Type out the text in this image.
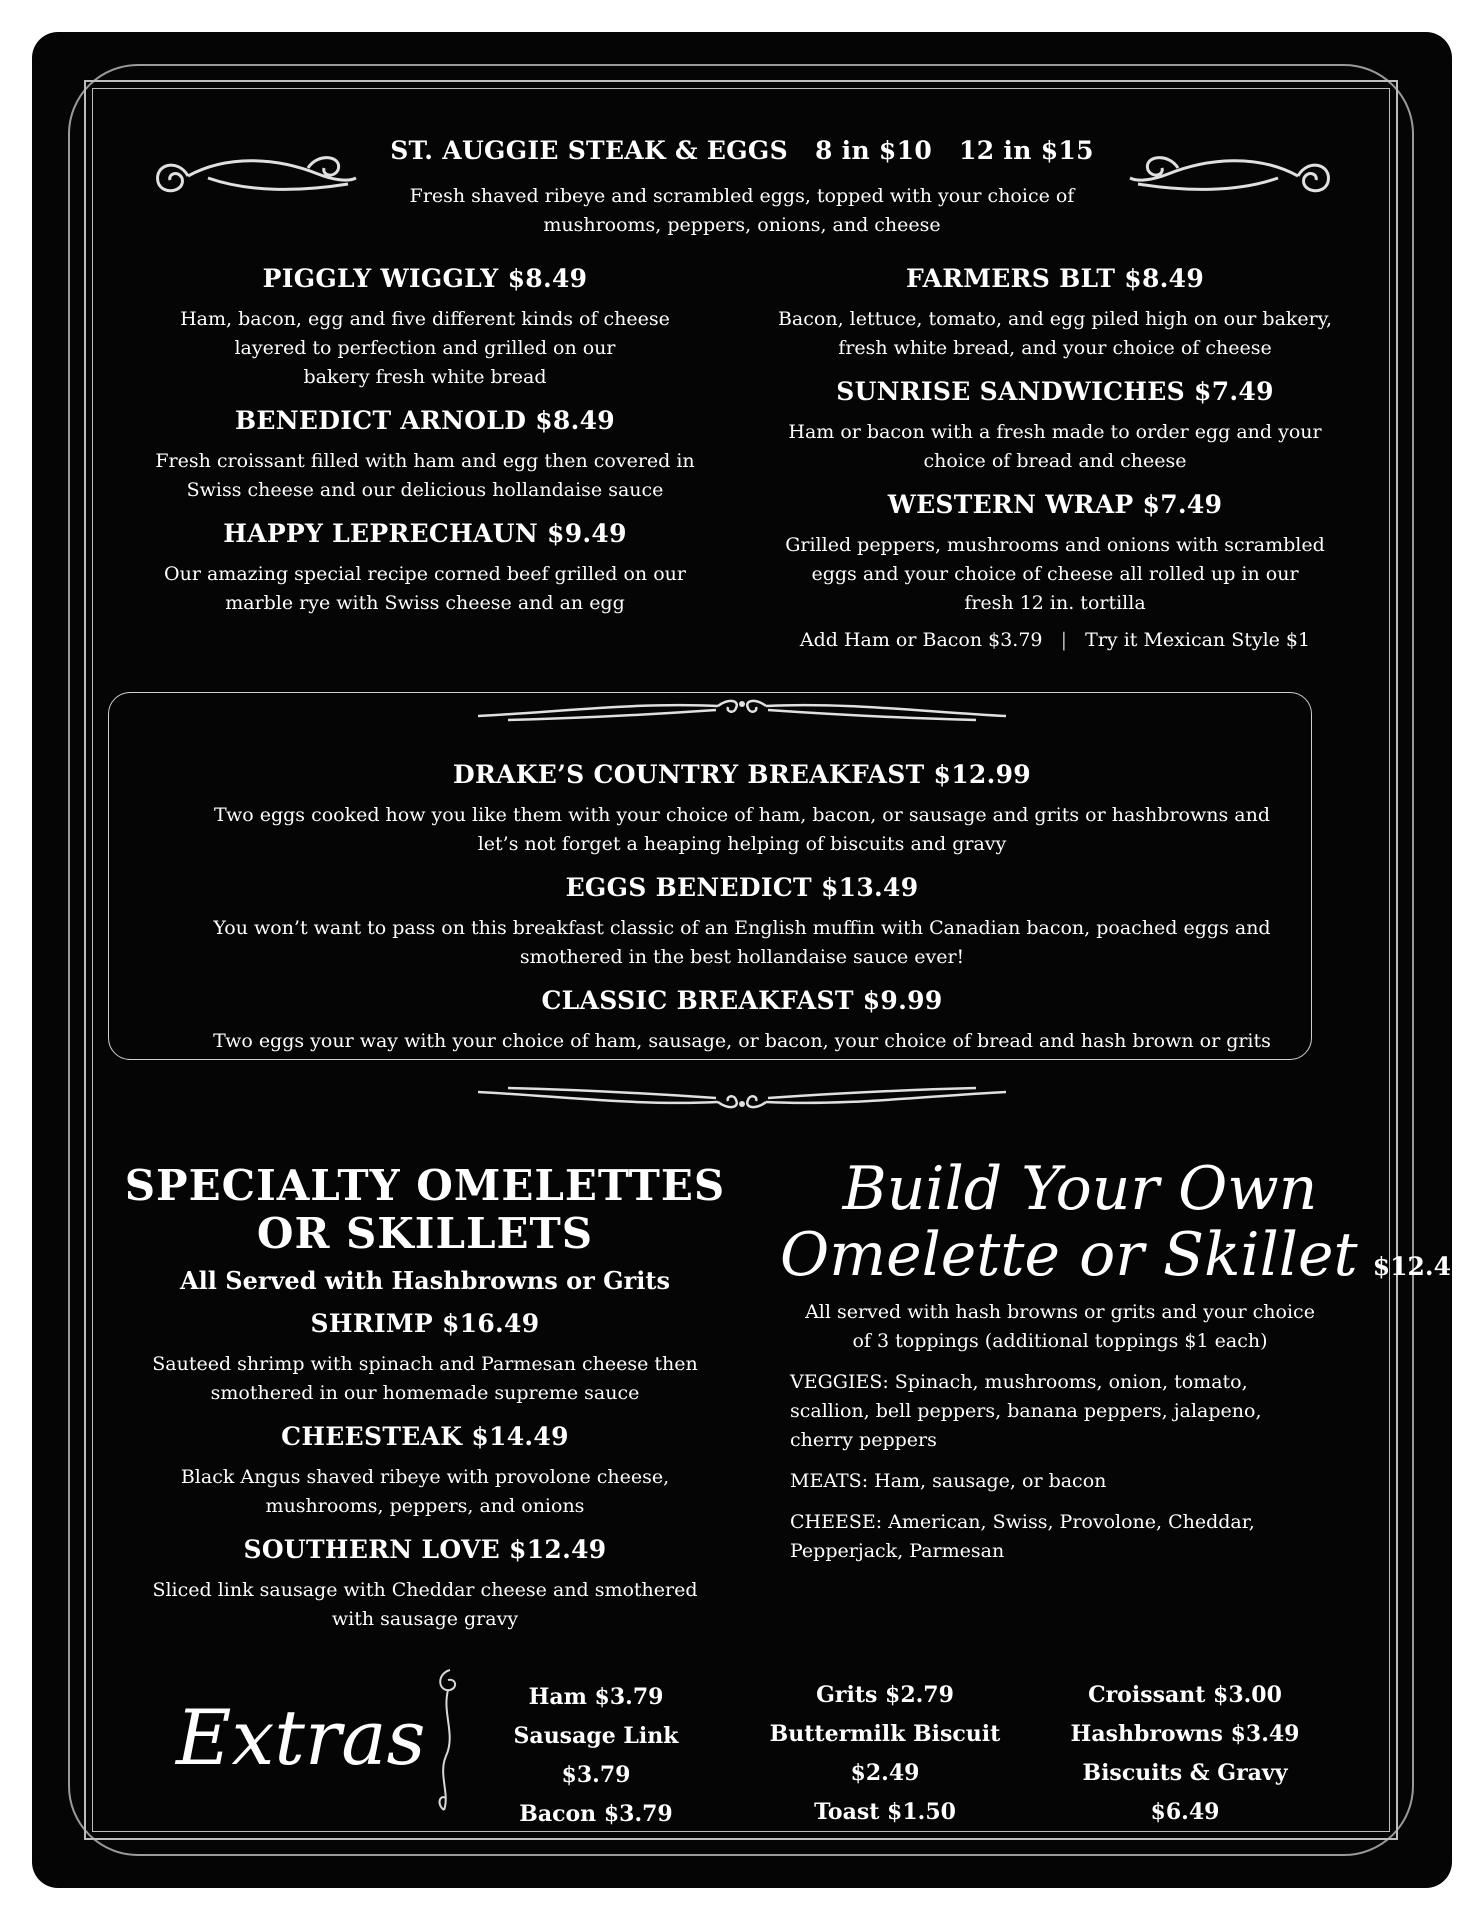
ST. AUGGIE STEAK & EGGS 8 in $10 12 in $15
Fresh shaved ribeye and scrambled eggs, topped with your choice of
mushrooms, peppers, onions, and cheese
PIGGLY WIGGLY $8.49
Ham, bacon, egg and five different kinds of cheese
layered to perfection and grilled on our
bakery fresh white bread
BENEDICT ARNOLD $8.49
Fresh croissant filled with ham and egg then covered in
Swiss cheese and our delicious hollandaise sauce
HAPPY LEPRECHAUN $9.49
Our amazing special recipe corned beef grilled on our
marble rye with Swiss cheese and an egg
FARMERS BLT $8.49
Bacon, lettuce, tomato, and egg piled high on our bakery,
fresh white bread, and your choice of cheese
SUNRISE SANDWICHES $7.49
Ham or bacon with a fresh made to order egg and your
choice of bread and cheese
WESTERN WRAP $7.49
Grilled peppers, mushrooms and onions with scrambled
eggs and your choice of cheese all rolled up in our
fresh 12 in. tortilla
Add Ham or Bacon $3.79 | Try it Mexican Style $1
DRAKE’S COUNTRY BREAKFAST $12.99
Two eggs cooked how you like them with your choice of ham, bacon, or sausage and grits or hashbrowns and
let’s not forget a heaping helping of biscuits and gravy
EGGS BENEDICT $13.49
You won’t want to pass on this breakfast classic of an English muffin with Canadian bacon, poached eggs and
smothered in the best hollandaise sauce ever!
CLASSIC BREAKFAST $9.99
Two eggs your way with your choice of ham, sausage, or bacon, your choice of bread and hash brown or grits
SPECIALTY OMELETTES
OR SKILLETS
All Served with Hashbrowns or Grits
SHRIMP $16.49
Sauteed shrimp with spinach and Parmesan cheese then
smothered in our homemade supreme sauce
CHEESTEAK $14.49
Black Angus shaved ribeye with provolone cheese,
mushrooms, peppers, and onions
SOUTHERN LOVE $12.49
Sliced link sausage with Cheddar cheese and smothered
with sausage gravy
Build Your Own
Omelette or Skillet $12.49
All served with hash browns or grits and your choice
of 3 toppings (additional toppings $1 each)
VEGGIES: Spinach, mushrooms, onion, tomato,
scallion, bell peppers, banana peppers, jalapeno,
cherry peppers
MEATS: Ham, sausage, or bacon
CHEESE: American, Swiss, Provolone, Cheddar,
Pepperjack, Parmesan
Extras	Ham $3.79
Sausage Link $3.79
Bacon $3.79
Grits $2.79
Buttermilk Biscuit $2.49
Toast $1.50
Croissant $3.00
Hashbrowns $3.49
Biscuits & Gravy $6.49
